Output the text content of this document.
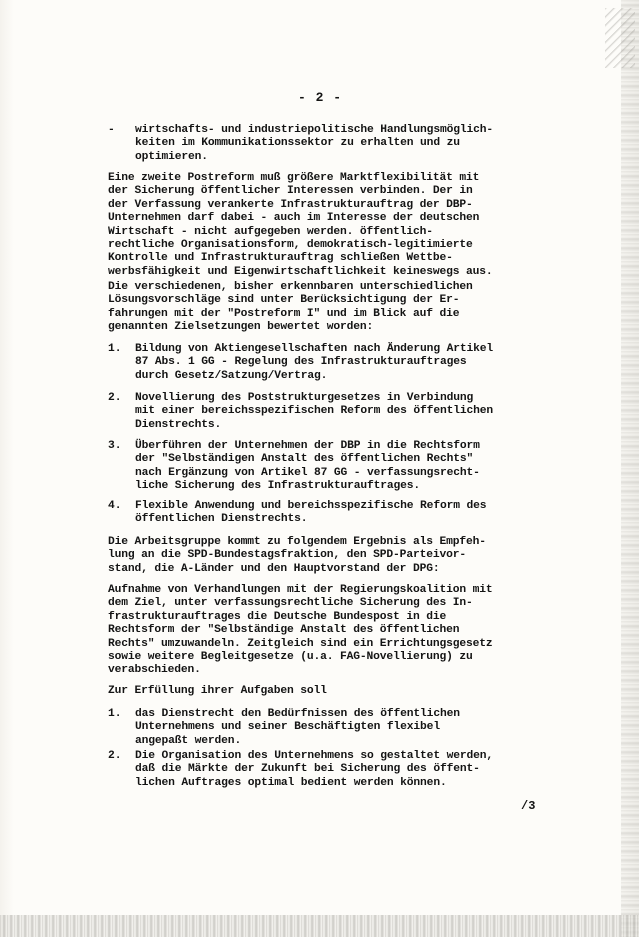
- 2 -
- wirtschafts- und industriepolitische Handlungsmöglich-
keiten im Kommunikationssektor zu erhalten und zu
optimieren.
Eine zweite Postreform muß größere Marktflexibilität mit
der Sicherung öffentlicher Interessen verbinden. Der in
der Verfassung verankerte Infrastrukturauftrag der DBP-
Unternehmen darf dabei - auch im Interesse der deutschen
Wirtschaft - nicht aufgegeben werden. öffentlich-
rechtliche Organisationsform, demokratisch-legitimierte
Kontrolle und Infrastrukturauftrag schließen Wettbe-
werbsfähigkeit und Eigenwirtschaftlichkeit keineswegs aus.
Die verschiedenen, bisher erkennbaren unterschiedlichen
Lösungsvorschläge sind unter Berücksichtigung der Er-
fahrungen mit der "Postreform I" und im Blick auf die
genannten Zielsetzungen bewertet worden:
1. Bildung von Aktiengesellschaften nach Änderung Artikel
87 Abs. 1 GG - Regelung des Infrastrukturauftrages
durch Gesetz/Satzung/Vertrag.
2. Novellierung des Poststrukturgesetzes in Verbindung
mit einer bereichsspezifischen Reform des öffentlichen
Dienstrechts.
3. Überführen der Unternehmen der DBP in die Rechtsform
der "Selbständigen Anstalt des öffentlichen Rechts"
nach Ergänzung von Artikel 87 GG - verfassungsrecht-
liche Sicherung des Infrastrukturauftrages.
4. Flexible Anwendung und bereichsspezifische Reform des
öffentlichen Dienstrechts.
Die Arbeitsgruppe kommt zu folgendem Ergebnis als Empfeh-
lung an die SPD-Bundestagsfraktion, den SPD-Parteivor-
stand, die A-Länder und den Hauptvorstand der DPG:
Aufnahme von Verhandlungen mit der Regierungskoalition mit
dem Ziel, unter verfassungsrechtliche Sicherung des In-
frastrukturauftrages die Deutsche Bundespost in die
Rechtsform der "Selbständige Anstalt des öffentlichen
Rechts" umzuwandeln. Zeitgleich sind ein Errichtungsgesetz
sowie weitere Begleitgesetze (u.a. FAG-Novellierung) zu
verabschieden.
Zur Erfüllung ihrer Aufgaben soll
1. das Dienstrecht den Bedürfnissen des öffentlichen
Unternehmens und seiner Beschäftigten flexibel
angepaßt werden.
2. Die Organisation des Unternehmens so gestaltet werden,
daß die Märkte der Zukunft bei Sicherung des öffent-
lichen Auftrages optimal bedient werden können.
/3
